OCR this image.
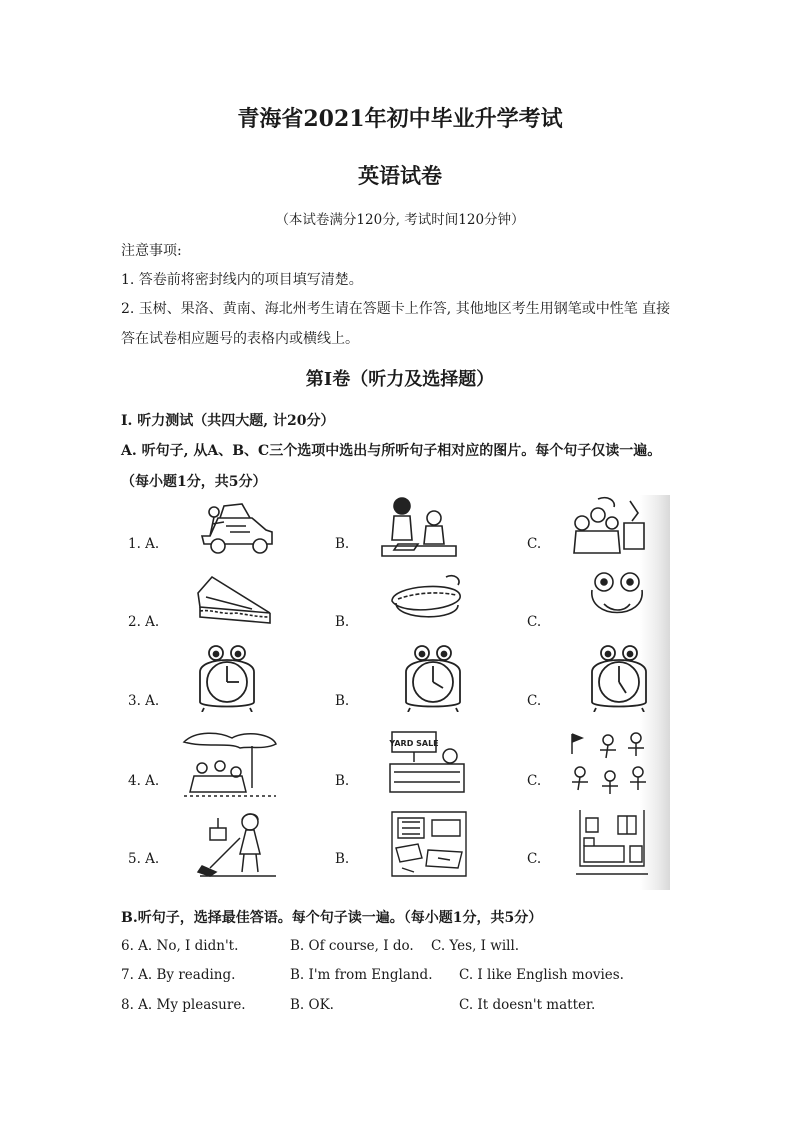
青海省2021年初中毕业升学考试
英语试卷
（本试卷满分120分, 考试时间120分钟）
注意事项:
1. 答卷前将密封线内的项目填写清楚。
2. 玉树、果洛、黄南、海北州考生请在答题卡上作答, 其他地区考生用钢笔或中性笔 直接
答在试卷相应题号的表格内或横线上。
第I卷（听力及选择题）
I. 听力测试（共四大题, 计20分）
A. 听句子, 从A、B、C三个选项中选出与所听句子相对应的图片。每个句子仅读一遍。
（每小题1分，共5分）
1. A.	B.	C.
2. A.	B.	C.
3. A.	B.	C.
4. A.	B.	C.
YARD SALE
5. A.	B.	C.
B.听句子，选择最佳答语。每个句子读一遍。（每小题1分，共5分）
6. A. No, I didn't.	B. Of course, I do. C. Yes, I will.
7. A. By reading.	B. I'm from England. C. I like English movies.
8. A. My pleasure.	B. OK.	C. It doesn't matter.
